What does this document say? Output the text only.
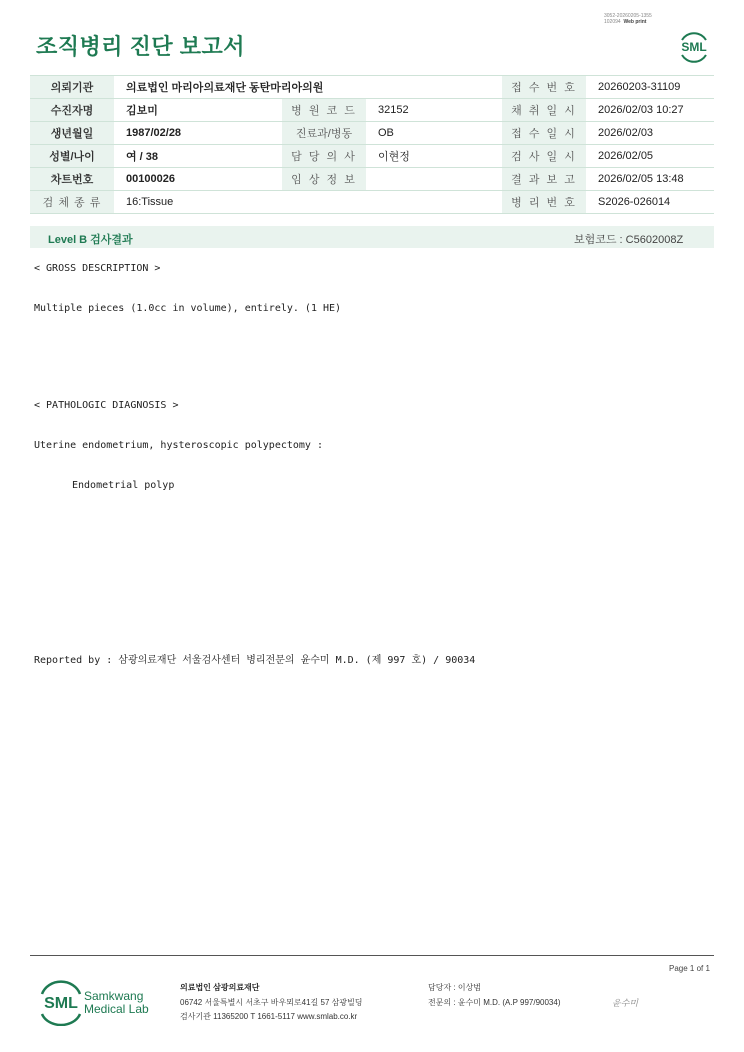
조직병리 진단 보고서
3052-20260205-1355
102094 Web print
SML
의뢰기관	의료법인 마리아의료재단 동탄마리아의원			접 수 번 호	20260203-31109
수진자명	김보미	병 원 코 드	32152	채 취 일 시	2026/02/03 10:27
생년월일	1987/02/28	진료과/병동	OB	접 수 일 시	2026/02/03
성별/나이	여 / 38	담 당 의 사	이현정	검 사 일 시	2026/02/05
차트번호	00100026	임 상 정 보		결 과 보 고	2026/02/05 13:48
검 체 종 류	16:Tissue			병 리 번 호	S2026-026014
Level B 검사결과	보험코드 : C5602008Z
< GROSS DESCRIPTION >
Multiple pieces (1.0cc in volume), entirely. (1 HE)
< PATHOLOGIC DIAGNOSIS >
Uterine endometrium, hysteroscopic polypectomy :
Endometrial polyp
Reported by : 삼광의료재단 서울검사센터 병리전문의 윤수미 M.D. (제 997 호) / 90034
Page 1 of 1
SML Samkwang
Medical Lab
의료법인 삼광의료재단
06742 서울특별시 서초구 바우뫼로41길 57 삼광빌딩
검사기관 11365200 T 1661-5117 www.smlab.co.kr
담당자 : 이상범
전문의 : 윤수미 M.D. (A.P 997/90034)	윤수미
